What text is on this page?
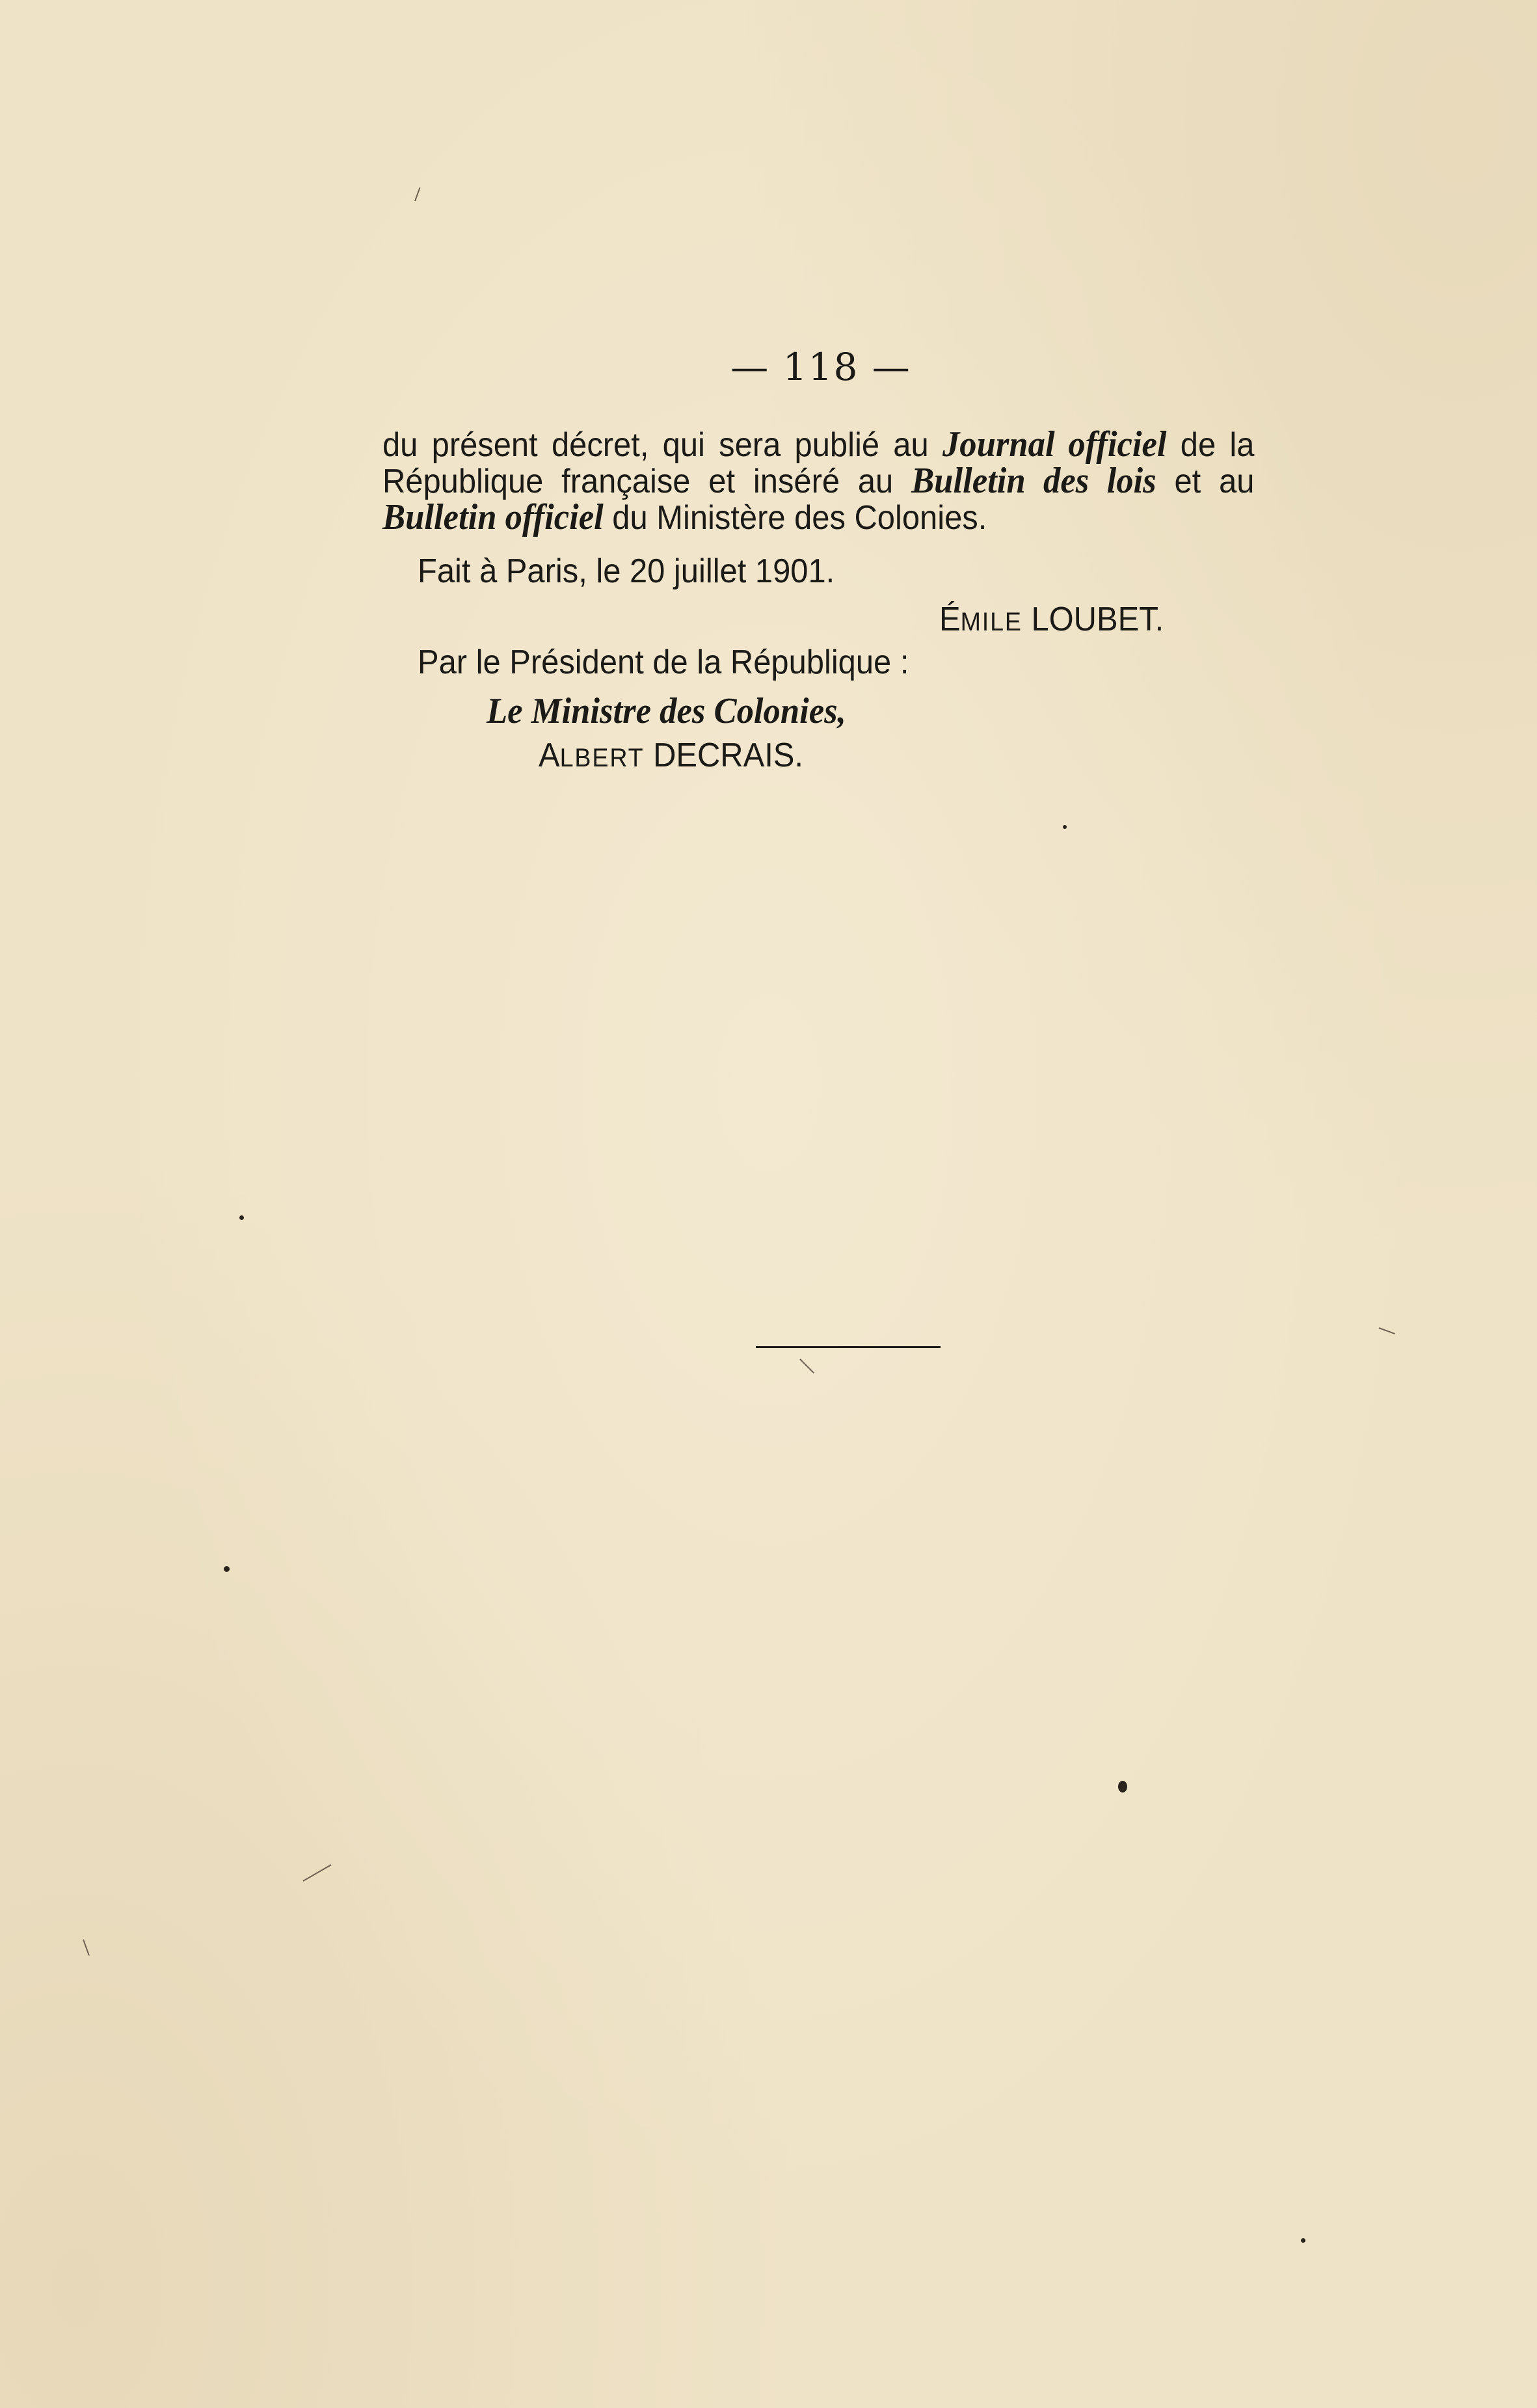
— 118 —
du présent décret, qui sera publié au Journal officiel de la République française et inséré au Bulletin des lois et au Bulletin officiel du Ministère des Colonies.
Fait à Paris, le 20 juillet 1901.
ÉMILE LOUBET.
Par le Président de la République :
Le Ministre des Colonies,
ALBERT DECRAIS.
